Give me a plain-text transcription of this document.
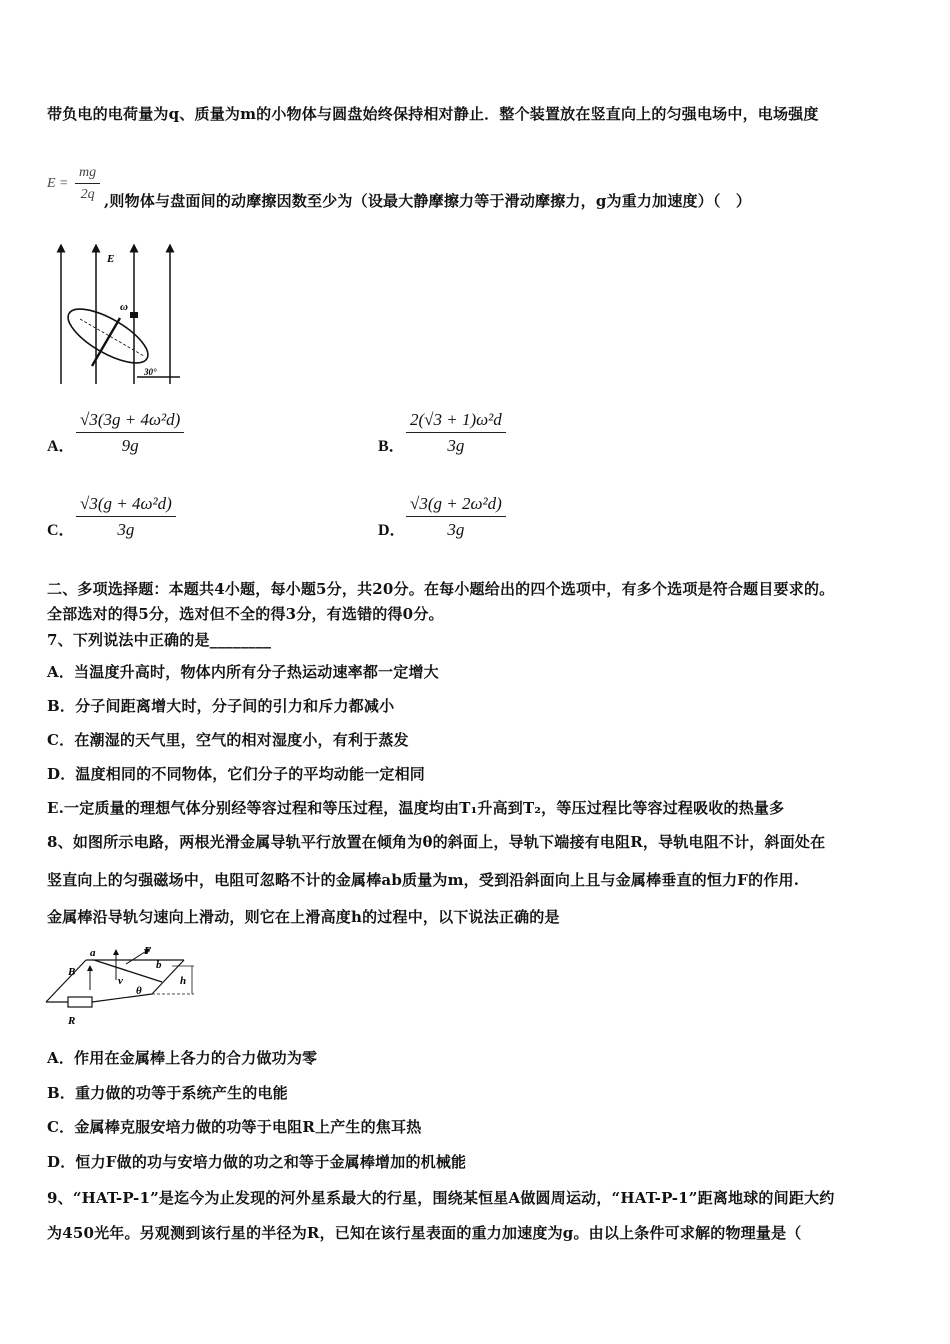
带负电的电荷量为q、质量为m的小物体与圆盘始终保持相对静止．整个装置放在竖直向上的匀强电场中，电场强度
$E = \frac{mg}{2q}$ ,则物体与盘面间的动摩擦因数至少为（设最大静摩擦力等于滑动摩擦力，g为重力加速度）（　）
E
ω
30°
A． $\frac{\text{√3(3g + 4ω²d)}}{9g}$	B． $\frac{\text{2(√3 + 1)ω²d}}{3g}$
C． $\frac{\text{√3(g + 4ω²d)}}{3g}$	D． $\frac{\text{√3(g + 2ω²d)}}{3g}$
二、多项选择题：本题共4小题，每小题5分，共20分。在每小题给出的四个选项中，有多个选项是符合题目要求的。
全部选对的得5分，选对但不全的得3分，有选错的得0分。
7、下列说法中正确的是________
A．当温度升高时，物体内所有分子热运动速率都一定增大
B．分子间距离增大时，分子间的引力和斥力都减小
C．在潮湿的天气里，空气的相对湿度小，有利于蒸发
D．温度相同的不同物体，它们分子的平均动能一定相同
E.一定质量的理想气体分别经等容过程和等压过程，温度均由T₁升高到T₂，等压过程比等容过程吸收的热量多
8、如图所示电路，两根光滑金属导轨平行放置在倾角为θ的斜面上，导轨下端接有电阻R，导轨电阻不计，斜面处在
竖直向上的匀强磁场中，电阻可忽略不计的金属棒ab质量为m，受到沿斜面向上且与金属棒垂直的恒力F的作用.
金属棒沿导轨匀速向上滑动，则它在上滑高度h的过程中，以下说法正确的是
a
B
F
b
v	h
R
θ
A．作用在金属棒上各力的合力做功为零
B．重力做的功等于系统产生的电能
C．金属棒克服安培力做的功等于电阻R上产生的焦耳热
D．恒力F做的功与安培力做的功之和等于金属棒增加的机械能
9、“HAT-P-1”是迄今为止发现的河外星系最大的行星，围绕某恒星A做圆周运动，“HAT-P-1”距离地球的间距大约
为450光年。另观测到该行星的半径为R，已知在该行星表面的重力加速度为g。由以上条件可求解的物理量是（
